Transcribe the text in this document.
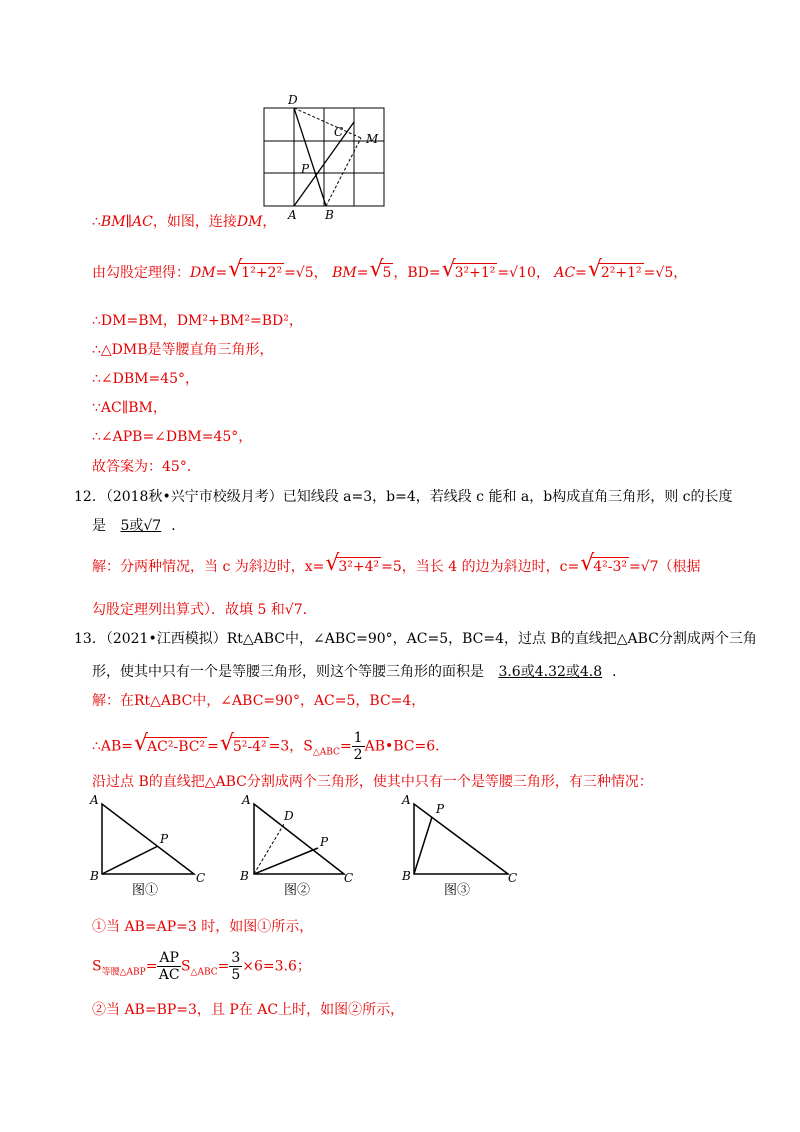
D
C M
P
A B
∴BM∥AC，如图，连接DM，
由勾股定理得：DM= √
1²+2² =√5， BM= √
5 ，BD= √
3²+1² =√10， AC= √
2²+1² =√5，
∴DM=BM，DM²+BM²=BD²，
∴△DMB是等腰直角三角形，
∴∠DBM=45°，
∵AC∥BM，
∴∠APB=∠DBM=45°，
故答案为：45°．
12．（2018秋•兴宁市校级月考）已知线段 a=3，b=4，若线段 c 能和 a，b构成直角三角形，则 c的长度
是 5或√7 ．
解：分两种情况，当 c 为斜边时，x= √
3²+4² =5，当长 4 的边为斜边时，c= √
4²-3² =√7（根据
勾股定理列出算式）．故填 5 和√7．
13．（2021•江西模拟）Rt△ABC中，∠ABC=90°，AC=5，BC=4，过点 B的直线把△ABC分割成两个三角
形，使其中只有一个是等腰三角形，则这个等腰三角形的面积是 3.6或4.32或4.8 ．
解：在Rt△ABC中，∠ABC=90°，AC=5，BC=4，
∴AB= √
AC²-BC² = √
5²-4² =3，$S_{\triangle ABC}= \frac{1}{2}$ AB•BC=6．
沿过点 B的直线把△ABC分割成两个三角形，使其中只有一个是等腰三角形，有三种情况：
A
P
B	C
图①
A
D
P
B	C
图②
A
P
B	C
图③
①当 AB=AP=3 时，如图①所示，
$S_{等腰\triangle ABP}= \frac{AP}{AC} S_{\triangle ABC}= \frac{3}{5} \times 6=3.6$；
②当 AB=BP=3，且 P在 AC上时，如图②所示，
